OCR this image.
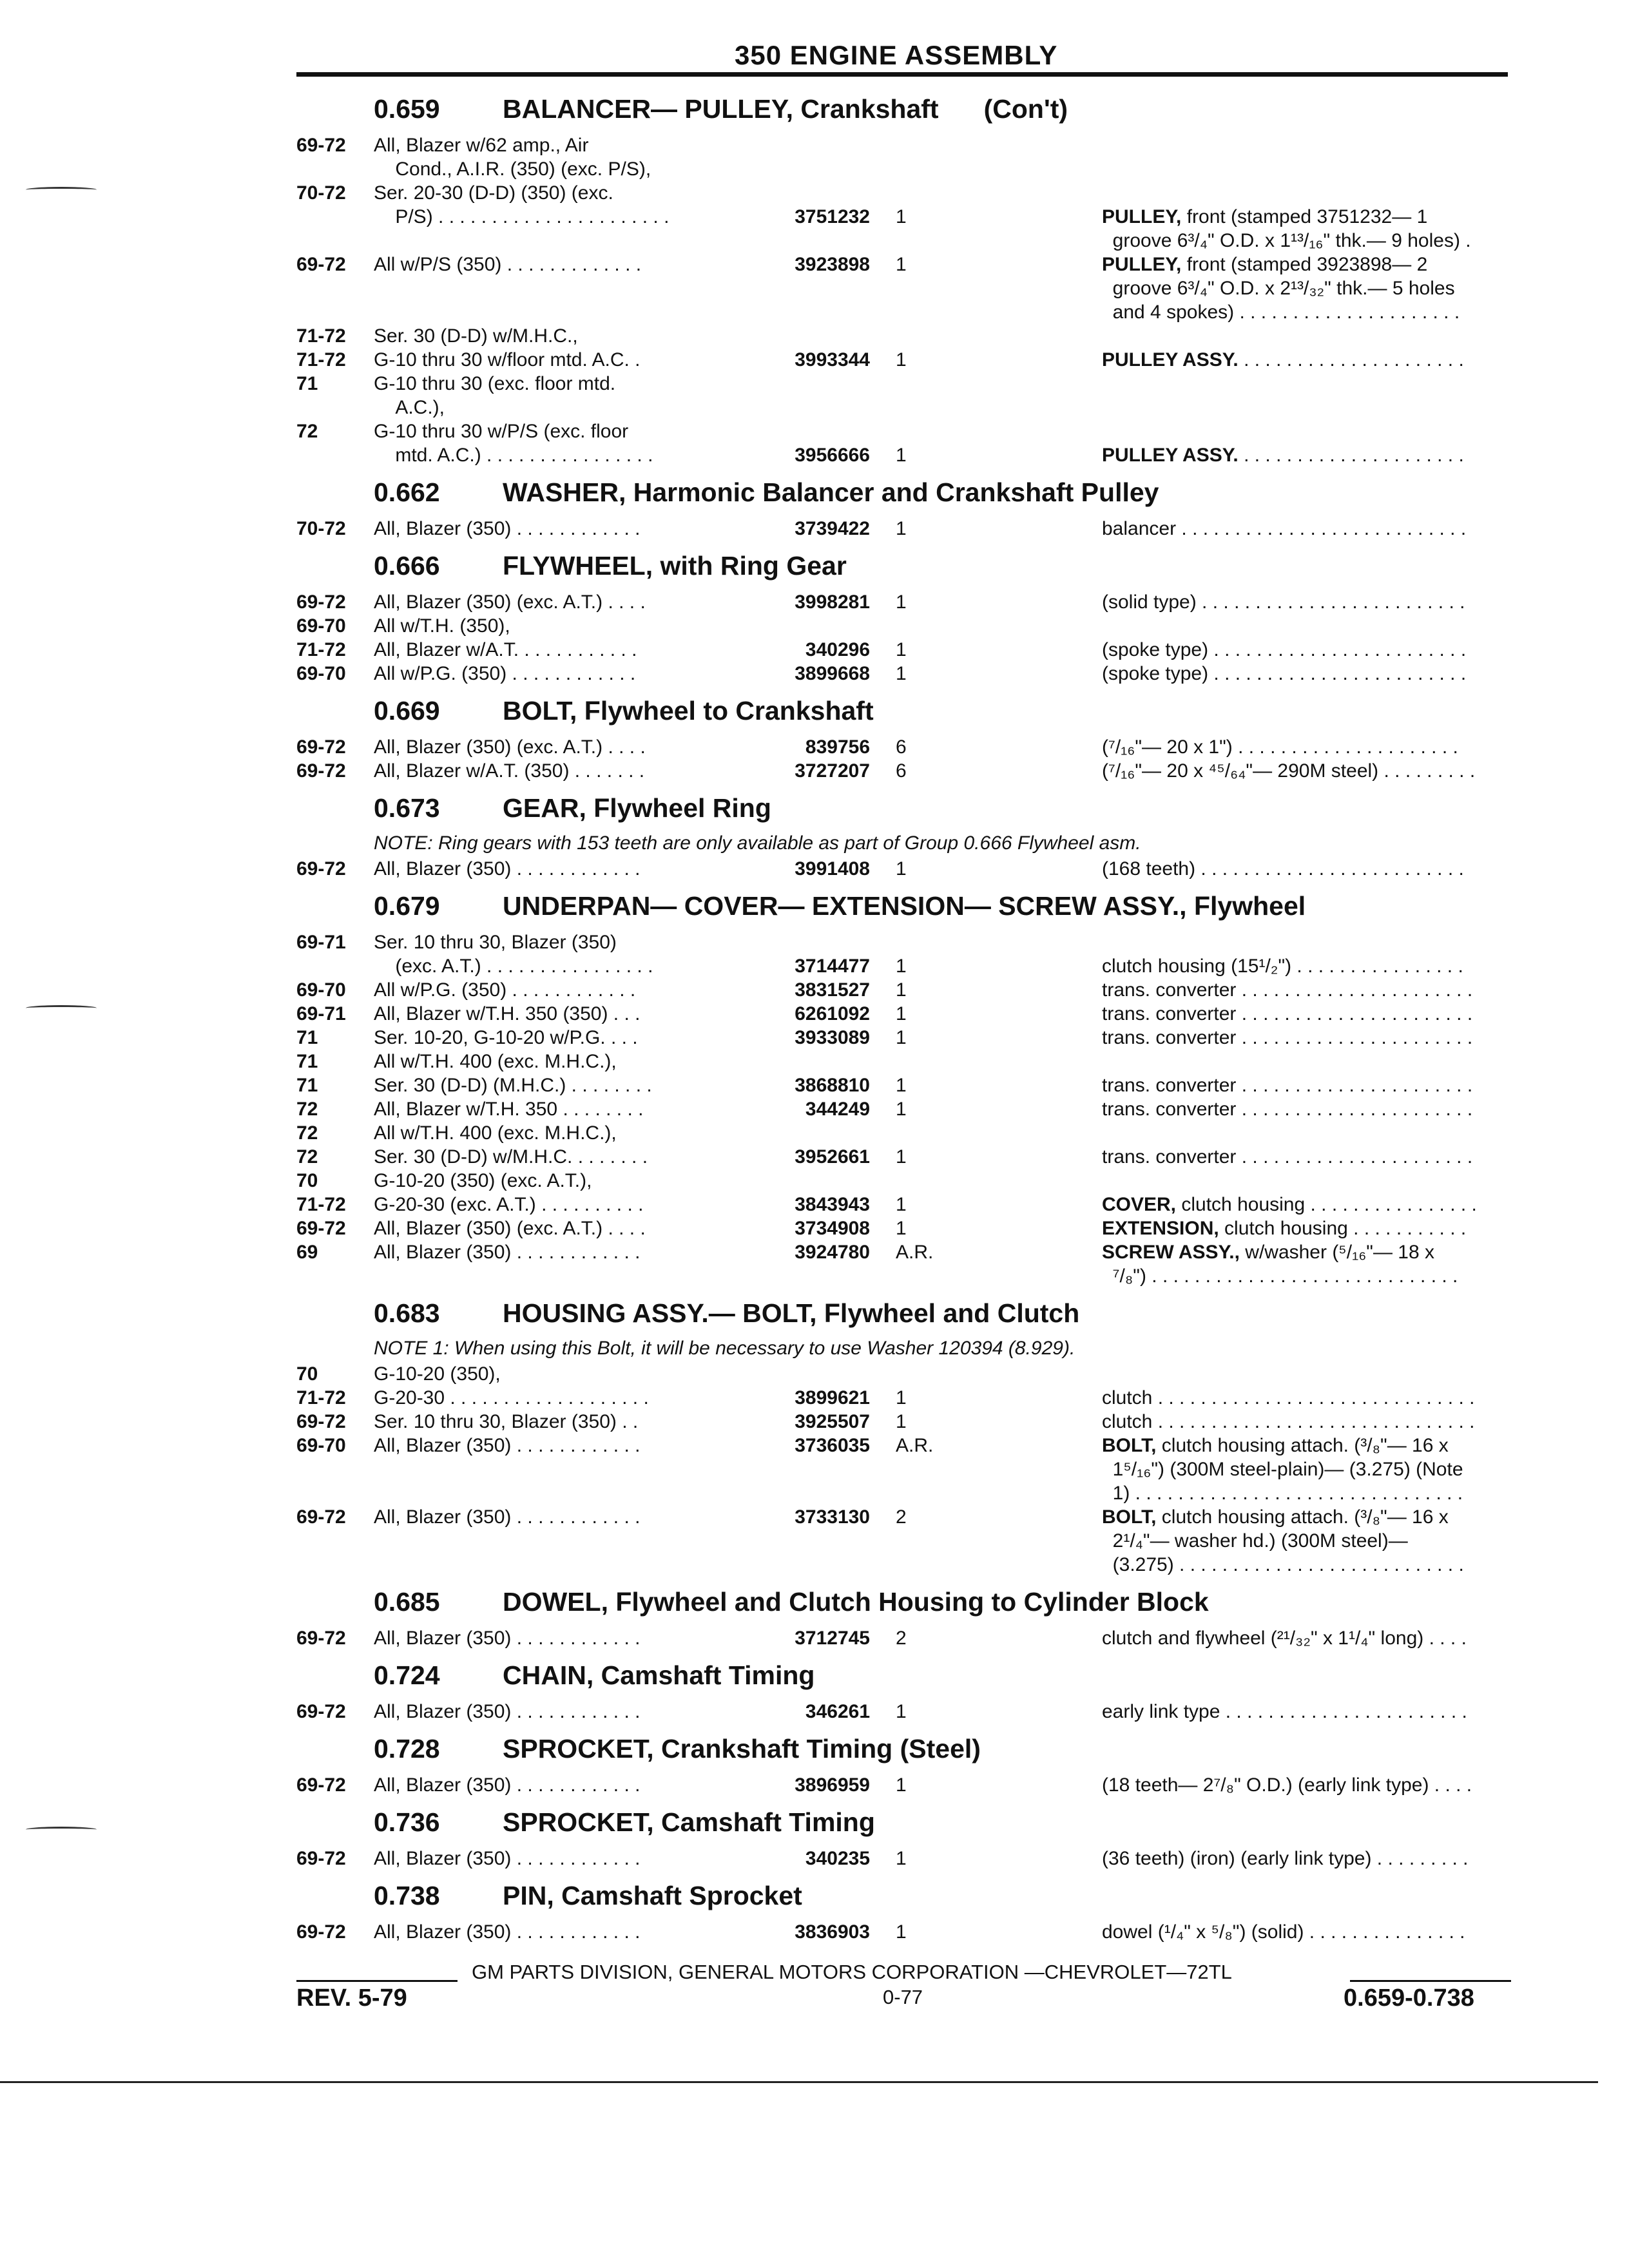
350 ENGINE ASSEMBLY
0.659	BALANCER— PULLEY, Crankshaft (Con't)
69-72	All, Blazer w/62 amp., Air
Cond., A.I.R. (350) (exc. P/S),
70-72	Ser. 20-30 (D-D) (350) (exc.
P/S) . . . . . . . . . . . . . . . . . . . . . .	3751232	1	PULLEY, front (stamped 3751232— 1
groove 6³/₄" O.D. x 1¹³/₁₆" thk.— 9 holes) .
69-72	All w/P/S (350) . . . . . . . . . . . . .	3923898	1	PULLEY, front (stamped 3923898— 2
groove 6³/₄" O.D. x 2¹³/₃₂" thk.— 5 holes
and 4 spokes) . . . . . . . . . . . . . . . . . . . . .
71-72	Ser. 30 (D-D) w/M.H.C.,
71-72	G-10 thru 30 w/floor mtd. A.C. .	3993344	1	PULLEY ASSY. . . . . . . . . . . . . . . . . . . . . .
71	G-10 thru 30 (exc. floor mtd.
A.C.),
72	G-10 thru 30 w/P/S (exc. floor
mtd. A.C.) . . . . . . . . . . . . . . . .	3956666	1	PULLEY ASSY. . . . . . . . . . . . . . . . . . . . . .
0.662	WASHER, Harmonic Balancer and Crankshaft Pulley
70-72	All, Blazer (350) . . . . . . . . . . . .	3739422	1	balancer . . . . . . . . . . . . . . . . . . . . . . . . . . .
0.666	FLYWHEEL, with Ring Gear
69-72	All, Blazer (350) (exc. A.T.) . . . .	3998281	1	(solid type) . . . . . . . . . . . . . . . . . . . . . . . . .
69-70	All w/T.H. (350),
71-72	All, Blazer w/A.T. . . . . . . . . . . .	340296	1	(spoke type) . . . . . . . . . . . . . . . . . . . . . . . .
69-70	All w/P.G. (350) . . . . . . . . . . . .	3899668	1	(spoke type) . . . . . . . . . . . . . . . . . . . . . . . .
0.669	BOLT, Flywheel to Crankshaft
69-72	All, Blazer (350) (exc. A.T.) . . . .	839756	6	(⁷/₁₆"— 20 x 1") . . . . . . . . . . . . . . . . . . . . .
69-72	All, Blazer w/A.T. (350) . . . . . . .	3727207	6	(⁷/₁₆"— 20 x ⁴⁵/₆₄"— 290M steel) . . . . . . . . .
0.673	GEAR, Flywheel Ring
NOTE: Ring gears with 153 teeth are only available as part of Group 0.666 Flywheel asm.
69-72	All, Blazer (350) . . . . . . . . . . . .	3991408	1	(168 teeth) . . . . . . . . . . . . . . . . . . . . . . . . .
0.679	UNDERPAN— COVER— EXTENSION— SCREW ASSY., Flywheel
69-71	Ser. 10 thru 30, Blazer (350)
(exc. A.T.) . . . . . . . . . . . . . . . .	3714477	1	clutch housing (15¹/₂") . . . . . . . . . . . . . . . .
69-70	All w/P.G. (350) . . . . . . . . . . . .	3831527	1	trans. converter . . . . . . . . . . . . . . . . . . . . . .
69-71	All, Blazer w/T.H. 350 (350) . . .	6261092	1	trans. converter . . . . . . . . . . . . . . . . . . . . . .
71	Ser. 10-20, G-10-20 w/P.G. . . .	3933089	1	trans. converter . . . . . . . . . . . . . . . . . . . . . .
71	All w/T.H. 400 (exc. M.H.C.),
71	Ser. 30 (D-D) (M.H.C.) . . . . . . . .	3868810	1	trans. converter . . . . . . . . . . . . . . . . . . . . . .
72	All, Blazer w/T.H. 350 . . . . . . . .	344249	1	trans. converter . . . . . . . . . . . . . . . . . . . . . .
72	All w/T.H. 400 (exc. M.H.C.),
72	Ser. 30 (D-D) w/M.H.C. . . . . . . .	3952661	1	trans. converter . . . . . . . . . . . . . . . . . . . . . .
70	G-10-20 (350) (exc. A.T.),
71-72	G-20-30 (exc. A.T.) . . . . . . . . . .	3843943	1	COVER, clutch housing . . . . . . . . . . . . . . . .
69-72	All, Blazer (350) (exc. A.T.) . . . .	3734908	1	EXTENSION, clutch housing . . . . . . . . . . .
69	All, Blazer (350) . . . . . . . . . . . .	3924780	A.R.	SCREW ASSY., w/washer (⁵/₁₆"— 18 x
⁷/₈") . . . . . . . . . . . . . . . . . . . . . . . . . . . . .
0.683	HOUSING ASSY.— BOLT, Flywheel and Clutch
NOTE 1: When using this Bolt, it will be necessary to use Washer 120394 (8.929).
70	G-10-20 (350),
71-72	G-20-30 . . . . . . . . . . . . . . . . . . .	3899621	1	clutch . . . . . . . . . . . . . . . . . . . . . . . . . . . . . .
69-72	Ser. 10 thru 30, Blazer (350) . .	3925507	1	clutch . . . . . . . . . . . . . . . . . . . . . . . . . . . . . .
69-70	All, Blazer (350) . . . . . . . . . . . .	3736035	A.R.	BOLT, clutch housing attach. (³/₈"— 16 x
1⁵/₁₆") (300M steel-plain)— (3.275) (Note
1) . . . . . . . . . . . . . . . . . . . . . . . . . . . . . . .
69-72	All, Blazer (350) . . . . . . . . . . . .	3733130	2	BOLT, clutch housing attach. (³/₈"— 16 x
2¹/₄"— washer hd.) (300M steel)—
(3.275) . . . . . . . . . . . . . . . . . . . . . . . . . . .
0.685	DOWEL, Flywheel and Clutch Housing to Cylinder Block
69-72	All, Blazer (350) . . . . . . . . . . . .	3712745	2	clutch and flywheel (²¹/₃₂" x 1¹/₄" long) . . . .
0.724	CHAIN, Camshaft Timing
69-72	All, Blazer (350) . . . . . . . . . . . .	346261	1	early link type . . . . . . . . . . . . . . . . . . . . . . .
0.728	SPROCKET, Crankshaft Timing (Steel)
69-72	All, Blazer (350) . . . . . . . . . . . .	3896959	1	(18 teeth— 2⁷/₈" O.D.) (early link type) . . . .
0.736	SPROCKET, Camshaft Timing
69-72	All, Blazer (350) . . . . . . . . . . . .	340235	1	(36 teeth) (iron) (early link type) . . . . . . . . .
0.738	PIN, Camshaft Sprocket
69-72	All, Blazer (350) . . . . . . . . . . . .	3836903	1	dowel (¹/₄" x ⁵/₈") (solid) . . . . . . . . . . . . . . .
GM PARTS DIVISION, GENERAL MOTORS CORPORATION —CHEVROLET—72TL
REV. 5-79	0-77	0.659-0.738
